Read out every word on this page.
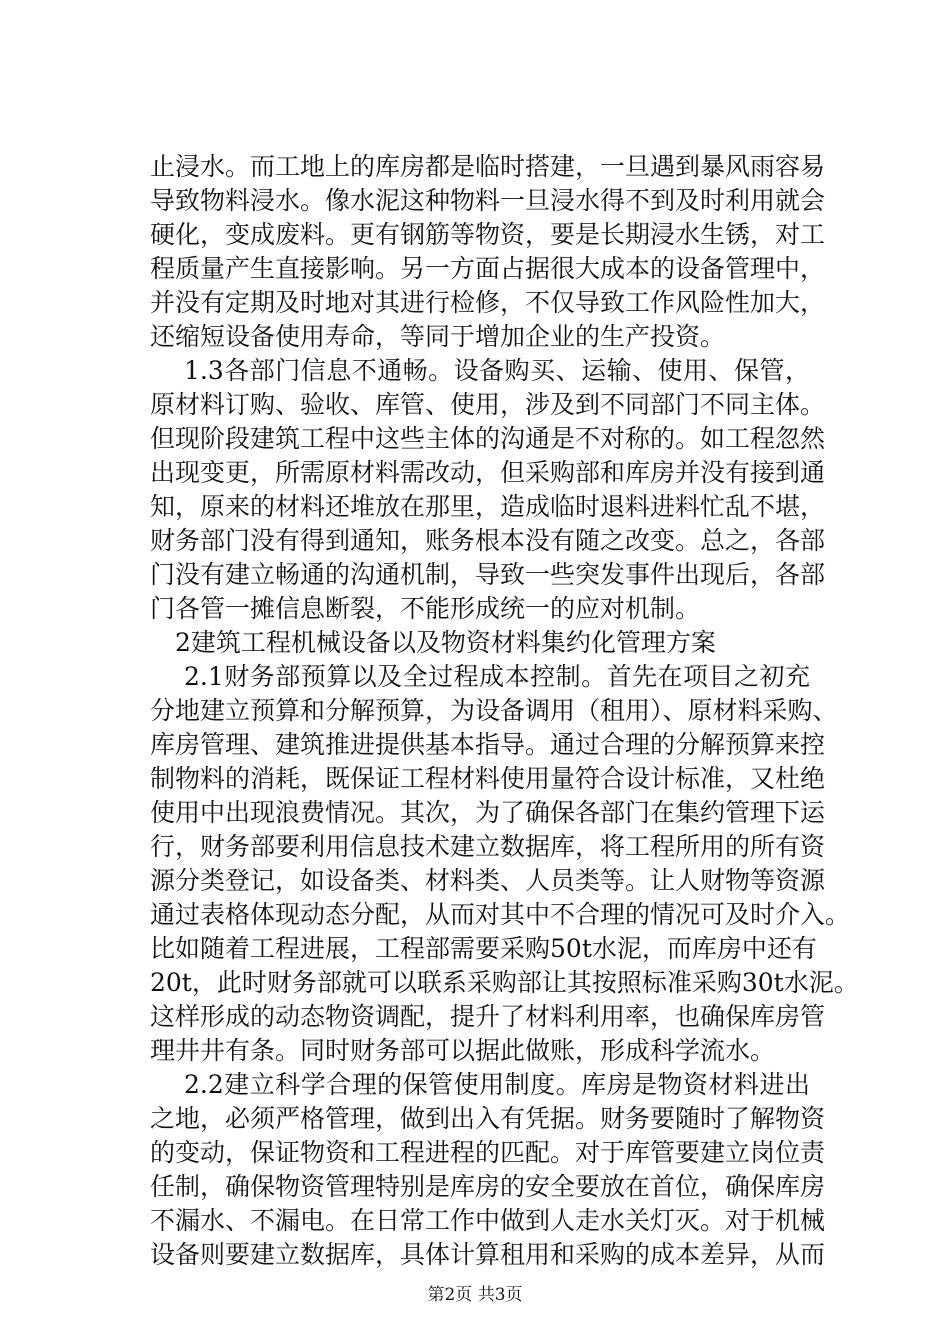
止浸水。而工地上的库房都是临时搭建，一旦遇到暴风雨容易
导致物料浸水。像水泥这种物料一旦浸水得不到及时利用就会
硬化，变成废料。更有钢筋等物资，要是长期浸水生锈，对工
程质量产生直接影响。另一方面占据很大成本的设备管理中，
并没有定期及时地对其进行检修，不仅导致工作风险性加大，
还缩短设备使用寿命，等同于增加企业的生产投资。
1.3各部门信息不通畅。设备购买、运输、使用、保管，
原材料订购、验收、库管、使用，涉及到不同部门不同主体。
但现阶段建筑工程中这些主体的沟通是不对称的。如工程忽然
出现变更，所需原材料需改动，但采购部和库房并没有接到通
知，原来的材料还堆放在那里，造成临时退料进料忙乱不堪，
财务部门没有得到通知，账务根本没有随之改变。总之，各部
门没有建立畅通的沟通机制，导致一些突发事件出现后，各部
门各管一摊信息断裂，不能形成统一的应对机制。
2建筑工程机械设备以及物资材料集约化管理方案
2.1财务部预算以及全过程成本控制。首先在项目之初充
分地建立预算和分解预算，为设备调用（租用）、原材料采购、
库房管理、建筑推进提供基本指导。通过合理的分解预算来控
制物料的消耗，既保证工程材料使用量符合设计标准，又杜绝
使用中出现浪费情况。其次，为了确保各部门在集约管理下运
行，财务部要利用信息技术建立数据库，将工程所用的所有资
源分类登记，如设备类、材料类、人员类等。让人财物等资源
通过表格体现动态分配，从而对其中不合理的情况可及时介入。
比如随着工程进展，工程部需要采购50t水泥，而库房中还有
20t，此时财务部就可以联系采购部让其按照标准采购30t水泥。
这样形成的动态物资调配，提升了材料利用率，也确保库房管
理井井有条。同时财务部可以据此做账，形成科学流水。
2.2建立科学合理的保管使用制度。库房是物资材料进出
之地，必须严格管理，做到出入有凭据。财务要随时了解物资
的变动，保证物资和工程进程的匹配。对于库管要建立岗位责
任制，确保物资管理特别是库房的安全要放在首位，确保库房
不漏水、不漏电。在日常工作中做到人走水关灯灭。对于机械
设备则要建立数据库，具体计算租用和采购的成本差异，从而
第2页 共3页
